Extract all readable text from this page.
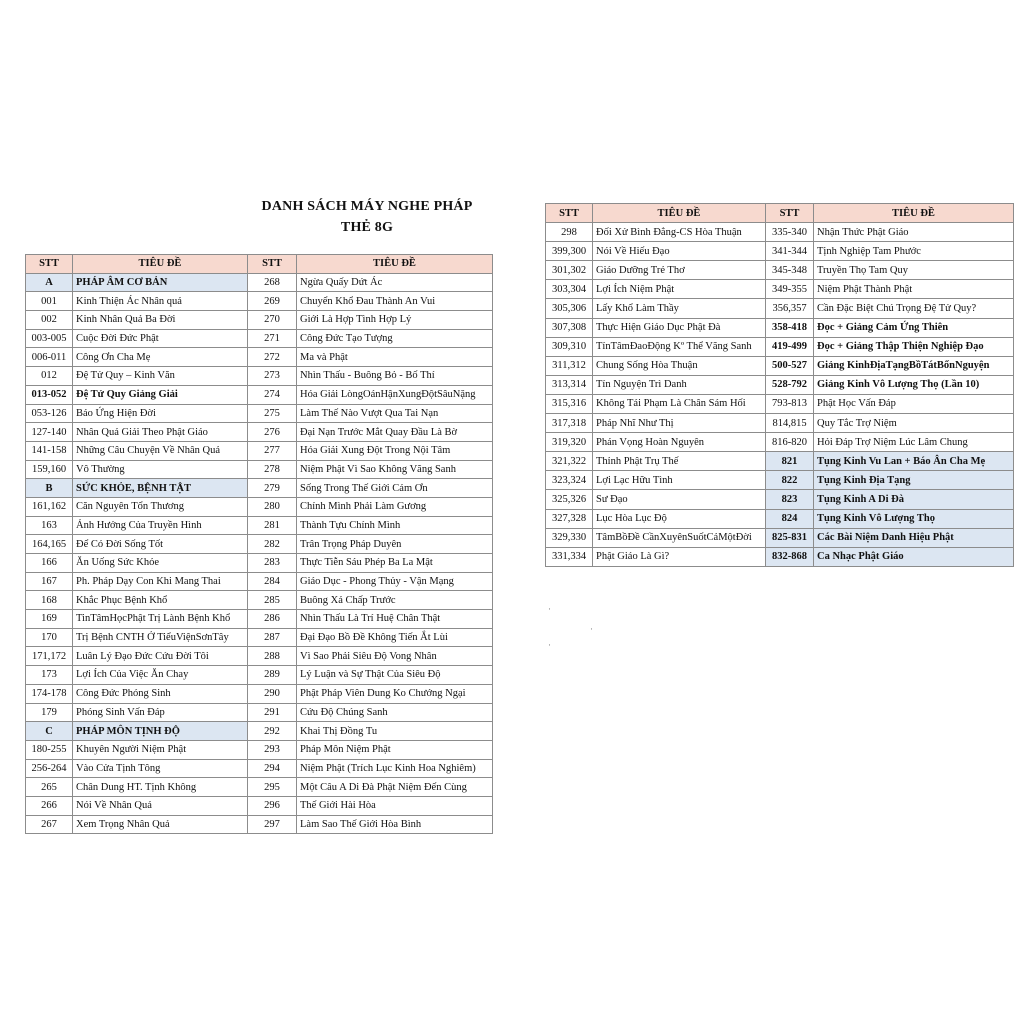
DANH SÁCH MÁY NGHE PHÁP
THẺ 8G
STT	TIÊU ĐỀ	STT	TIÊU ĐỀ
A	PHÁP ÂM CƠ BẢN	268	Ngừa Quấy Dứt Ác
001	Kinh Thiện Ác Nhân quả	269	Chuyển Khổ Đau Thành An Vui
002	Kinh Nhân Quả Ba Đời	270	Giới Là Hợp Tình Hợp Lý
003-005	Cuộc Đời Đức Phật	271	Công Đức Tạo Tượng
006-011	Công Ơn Cha Mẹ	272	Ma và Phật
012	Đệ Tử Quy – Kinh Văn	273	Nhìn Thấu - Buông Bỏ - Bố Thí
013-052	Đệ Tử Quy Giảng Giải	274	Hóa Giải LòngOánHậnXungĐộtSâuNặng
053-126	Báo Ứng Hiện Đời	275	Làm Thế Nào Vượt Qua Tai Nạn
127-140	Nhân Quả Giải Theo Phật Giáo	276	Đại Nạn Trước Mắt Quay Đầu Là Bờ
141-158	Những Câu Chuyện Về Nhân Quả	277	Hóa Giải Xung Đột Trong Nội Tâm
159,160	Vô Thường	278	Niệm Phật Vì Sao Không Vãng Sanh
B	SỨC KHỎE, BỆNH TẬT	279	Sống Trong Thế Giới Cảm Ơn
161,162	Căn Nguyên Tổn Thương	280	Chính Mình Phải Làm Gương
163	Ảnh Hưởng Của Truyền Hình	281	Thành Tựu Chính Mình
164,165	Để Có Đời Sống Tốt	282	Trân Trọng Pháp Duyên
166	Ăn Uống Sức Khỏe	283	Thực Tiễn Sáu Phép Ba La Mật
167	Ph. Pháp Dạy Con Khi Mang Thai	284	Giáo Dục - Phong Thủy - Vận Mạng
168	Khắc Phục Bệnh Khổ	285	Buông Xả Chấp Trước
169	TinTâmHọcPhật Trị Lành Bệnh Khổ	286	Nhìn Thấu Là Trí Huệ Chân Thật
170	Trị Bệnh CNTH Ở TiểuViệnSơnTây	287	Đại Đạo Bồ Đề Không Tiến Ắt Lùi
171,172	Luân Lý Đạo Đức Cứu Đời Tôi	288	Vì Sao Phải Siêu Độ Vong Nhân
173	Lợi Ích Của Việc Ăn Chay	289	Lý Luận và Sự Thật Của Siêu Độ
174-178	Công Đức Phóng Sinh	290	Phật Pháp Viên Dung Ko Chướng Ngại
179	Phóng Sinh Vấn Đáp	291	Cứu Độ Chúng Sanh
C	PHÁP MÔN TỊNH ĐỘ	292	Khai Thị Đồng Tu
180-255	Khuyên Người Niệm Phật	293	Pháp Môn Niệm Phật
256-264	Vào Cửa Tịnh Tông	294	Niệm Phật (Trích Lục Kinh Hoa Nghiêm)
265	Chân Dung HT. Tịnh Không	295	Một Câu A Di Đà Phật Niệm Đến Cùng
266	Nói Về Nhân Quả	296	Thế Giới Hài Hòa
267	Xem Trọng Nhân Quả	297	Làm Sao Thế Giới Hòa Bình
STT	TIÊU ĐỀ	STT	TIÊU ĐỀ
298	Đối Xử Bình Đẳng-CS Hòa Thuận	335-340	Nhận Thức Phật Giáo
399,300	Nói Về Hiếu Đạo	341-344	Tịnh Nghiệp Tam Phước
301,302	Giáo Dưỡng Trẻ Thơ	345-348	Truyền Thọ Tam Quy
303,304	Lợi Ích Niệm Phật	349-355	Niệm Phật Thành Phật
305,306	Lấy Khổ Làm Thầy	356,357	Cần Đặc Biệt Chú Trọng Đệ Tử Quy?
307,308	Thực Hiện Giáo Dục Phật Đà	358-418	Đọc + Giảng Cảm Ứng Thiên
309,310	TínTâmĐaoĐộng Kº Thể Vãng Sanh	419-499	Đọc + Giảng Thập Thiện Nghiệp Đạo
311,312	Chung Sống Hòa Thuận	500-527	Giảng KinhĐịaTạngBồTátBổnNguyện
313,314	Tín Nguyện Trì Danh	528-792	Giảng Kinh Vô Lượng Thọ (Lần 10)
315,316	Không Tái Phạm Là Chân Sám Hối	793-813	Phật Học Vấn Đáp
317,318	Pháp Nhĩ Như Thị	814,815	Quy Tắc Trợ Niệm
319,320	Phán Vọng Hoàn Nguyên	816-820	Hỏi Đáp Trợ Niệm Lúc Lâm Chung
321,322	Thỉnh Phật Trụ Thế	821	Tụng Kinh Vu Lan + Báo Ân Cha Mẹ
323,324	Lợi Lạc Hữu Tình	822	Tụng Kinh Địa Tạng
325,326	Sư Đạo	823	Tụng Kinh A Di Đà
327,328	Lục Hòa Lục Độ	824	Tụng Kinh Vô Lượng Thọ
329,330	TâmBồĐề CầnXuyênSuốtCảMộtĐời	825-831	Các Bài Niệm Danh Hiệu Phật
331,334	Phật Giáo Là Gì?	832-868	Ca Nhạc Phật Giáo
·
·
·
